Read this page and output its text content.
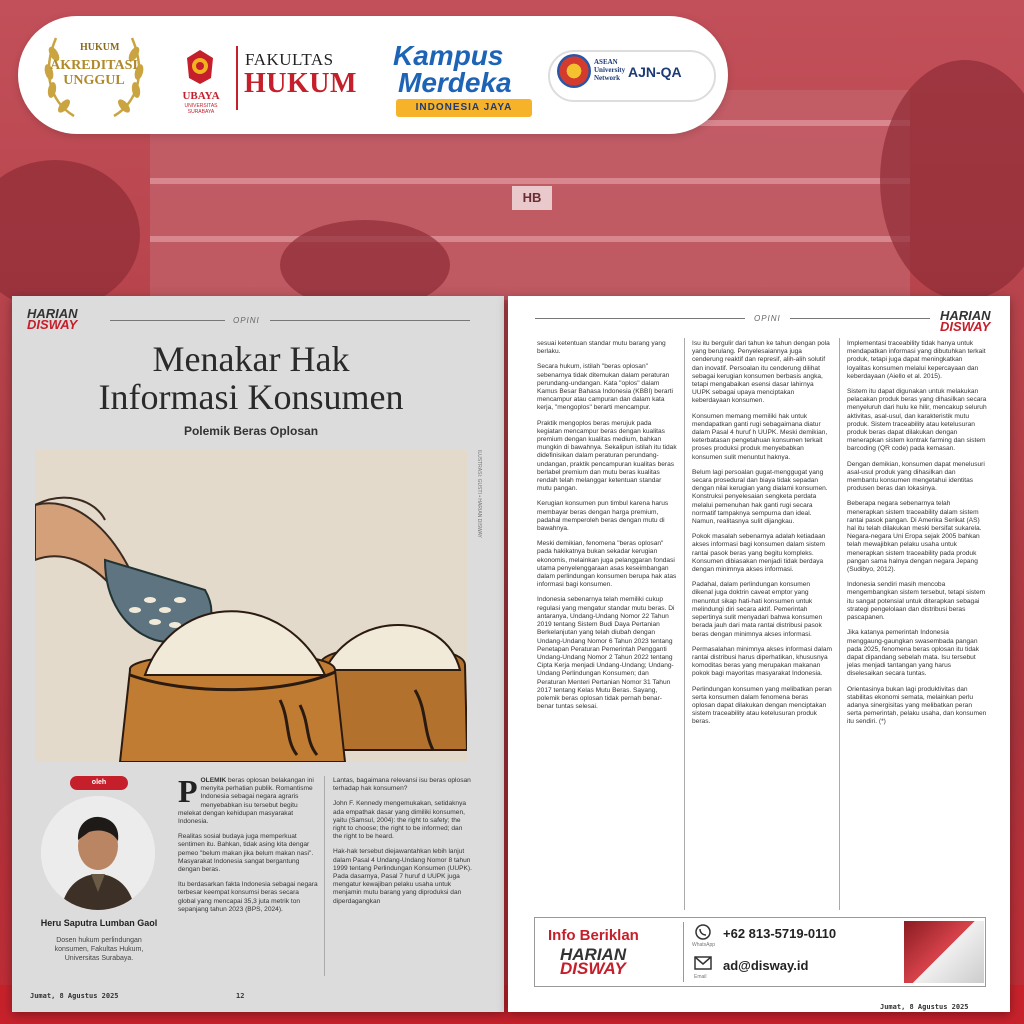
HB
HUKUM
AKREDITASI UNGGUL
UBAYA
UNIVERSITAS SURABAYA
FAKULTAS
HUKUM
Kampus
Merdeka
INDONESIA JAYA
ASEAN University Network AJN-QA
HARIAN
DISWAY	OPINI
Menakar Hak
Informasi Konsumen
Polemik Beras Oplosan
ILUSTRASI: GUSTI • HARIAN DISWAY
oleh
Heru Saputra Lumban Gaol
Dosen hukum perlindungan konsumen, Fakultas Hukum, Universitas Surabaya.

POLEMIK beras oplosan belakangan ini menyita perhatian publik. Romantisme Indonesia sebagai negara agraris menyebabkan isu tersebut begitu melekat dengan kehidupan masyarakat Indonesia.

Realitas sosial budaya juga memperkuat sentimen itu. Bahkan, tidak asing kita dengar pemeo "belum makan jika belum makan nasi". Masyarakat Indonesia sangat bergantung dengan beras.

Itu berdasarkan fakta Indonesia sebagai negara terbesar keempat konsumsi beras secara global yang mencapai 35,3 juta metrik ton sepanjang tahun 2023 (BPS, 2024).

Lantas, bagaimana relevansi isu beras oplosan terhadap hak konsumen?

John F. Kennedy mengemukakan, setidaknya ada empathak dasar yang dimiliki konsumen, yaitu (Samsul, 2004): the right to safety; the right to choose; the right to be informed; dan the right to be heard.

Hak-hak tersebut diejawantahkan lebih lanjut dalam Pasal 4 Undang-Undang Nomor 8 tahun 1999 tentang Perlindungan Konsumen (UUPK). Pada dasarnya, Pasal 7 huruf d UUPK juga mengatur kewajiban pelaku usaha untuk menjamin mutu barang yang diproduksi dan diperdagangkan

Jumat, 8 Agustus 2025	12
OPINI	HARIAN
DISWAY

sesuai ketentuan standar mutu barang yang berlaku.

Secara hukum, istilah "beras oplosan" sebenarnya tidak ditemukan dalam peraturan perundang-undangan. Kata "oplos" dalam Kamus Besar Bahasa Indonesia (KBBI) berarti mencampur atau campuran dan dalam kata kerja, "mengoplos" berarti mencampur.

Praktik mengoplos beras merujuk pada kegiatan mencampur beras dengan kualitas premium dengan kualitas medium, bahkan mungkin di bawahnya. Sekalipun istilah itu tidak didefinisikan dalam peraturan perundang-undangan, praktik pencampuran kualitas beras berlabel premium dan mutu beras kualitas rendah telah melanggar ketentuan standar mutu pangan.

Kerugian konsumen pun timbul karena harus membayar beras dengan harga premium, padahal memperoleh beras dengan mutu di bawahnya.

Meski demikian, fenomena "beras oplosan" pada hakikatnya bukan sekadar kerugian ekonomis, melainkan juga pelanggaran fondasi utama penyelenggaraan asas keseimbangan dalam perlindungan konsumen berupa hak atas informasi bagi konsumen.

Indonesia sebenarnya telah memiliki cukup regulasi yang mengatur standar mutu beras. Di antaranya, Undang-Undang Nomor 22 Tahun 2019 tentang Sistem Budi Daya Pertanian Berkelanjutan yang telah diubah dengan Undang-Undang Nomor 6 Tahun 2023 tentang Penetapan Peraturan Pemerintah Pengganti Undang-Undang Nomor 2 Tahun 2022 tentang Cipta Kerja menjadi Undang-Undang; Undang-Undang Perlindungan Konsumen; dan Peraturan Menteri Pertanian Nomor 31 Tahun 2017 tentang Kelas Mutu Beras. Sayang, polemik beras oplosan tidak pernah benar-benar tuntas selesai.

Isu itu bergulir dari tahun ke tahun dengan pola yang berulang. Penyelesaiannya juga cenderung reaktif dan represif, alih-alih solutif dan inovatif. Persoalan itu cenderung dilihat sebagai kerugian konsumen berbasis angka, tetapi mengabaikan esensi dasar lahirnya UUPK sebagai upaya menciptakan keberdayaan konsumen.

Konsumen memang memiliki hak untuk mendapatkan ganti rugi sebagaimana diatur dalam Pasal 4 huruf h UUPK. Meski demikian, keterbatasan pengetahuan konsumen terkait proses produksi produk menyebabkan konsumen sulit menuntut haknya.

Belum lagi persoalan gugat-menggugat yang secara prosedural dan biaya tidak sepadan dengan nilai kerugian yang dialami konsumen. Konstruksi penyelesaian sengketa perdata melalui pemenuhan hak ganti rugi secara normatif tampaknya sempurna dan ideal. Namun, realitasnya sulit dijangkau.

Pokok masalah sebenarnya adalah ketiadaan akses informasi bagi konsumen dalam sistem rantai pasok beras yang begitu kompleks. Konsumen dibiasakan menjadi tidak berdaya dengan minimnya akses informasi.

Padahal, dalam perlindungan konsumen dikenal juga doktrin caveat emptor yang menuntut sikap hati-hati konsumen untuk melindungi diri secara aktif. Pemerintah sepertinya sulit menyadari bahwa konsumen berada jauh dari mata rantai distribusi pasok beras dengan minimnya akses informasi.

Permasalahan minimnya akses informasi dalam rantai distribusi harus diperhatikan, khususnya komoditas beras yang merupakan makanan pokok bagi mayoritas masyarakat Indonesia.

Perlindungan konsumen yang melibatkan peran serta konsumen dalam fenomena beras oplosan dapat dilakukan dengan menciptakan sistem traceability atau ketelusuran produk beras.

Implementasi traceability tidak hanya untuk mendapatkan informasi yang dibutuhkan terkait produk, tetapi juga dapat meningkatkan loyalitas konsumen melalui kepercayaan dan keberdayaan (Aiello et al. 2015).

Sistem itu dapat digunakan untuk melakukan pelacakan produk beras yang dihasilkan secara menyeluruh dari hulu ke hilir, mencakup seluruh aktivitas, asal-usul, dan karakteristik mutu produk. Sistem traceability atau ketelusuran produk beras dapat dilakukan dengan menerapkan sistem kontrak farming dan sistem barcoding (QR code) pada kemasan.

Dengan demikian, konsumen dapat menelusuri asal-usul produk yang dihasilkan dan membantu konsumen mengetahui identitas produsen beras dan lokasinya.

Beberapa negara sebenarnya telah menerapkan sistem traceability dalam sistem rantai pasok pangan. Di Amerika Serikat (AS) hal itu telah dilakukan meski bersifat sukarela. Negara-negara Uni Eropa sejak 2005 bahkan telah mewajibkan pelaku usaha untuk menerapkan sistem traceability pada produk pangan sama halnya dengan negara Jepang (Sudibyo, 2012).

Indonesia sendiri masih mencoba mengembangkan sistem tersebut, tetapi sistem itu sangat potensial untuk diterapkan sebagai strategi pengelolaan dan distribusi beras pascapanen.

Jika katanya pemerintah Indonesia menggaung-gaungkan swasembada pangan pada 2025, fenomena beras oplosan itu tidak dapat dipandang sebelah mata. Isu tersebut jelas menjadi tantangan yang harus diselesaikan secara tuntas.

Orientasinya bukan lagi produktivitas dan stabilitas ekonomi semata, melainkan perlu adanya sinergisitas yang melibatkan peran serta pemerintah, pelaku usaha, dan konsumen itu sendiri. (*)

Info Beriklan
HARIAN
DISWAY
WhatsApp
+62 813-5719-0110
Email
ad@disway.id
Jumat, 8 Agustus 2025
